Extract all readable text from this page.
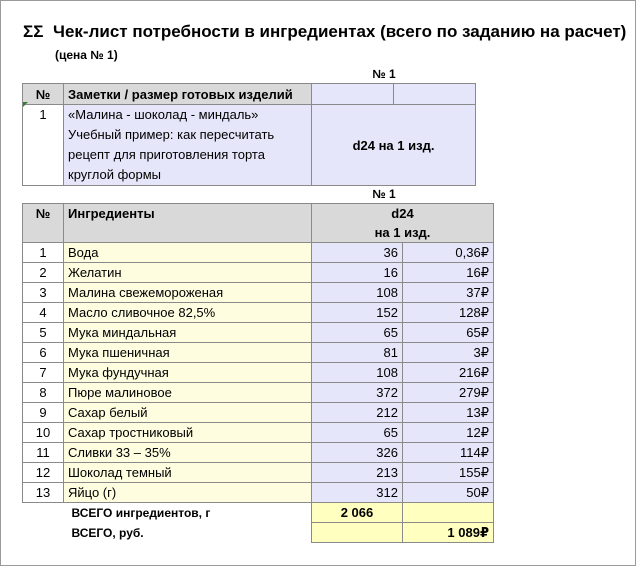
ΣΣ Чек-лист потребности в ингредиентах (всего по заданию на расчет)
(цена № 1)
№ 1
№	Заметки / размер готовых изделий		
1	«Малина - шоколад - миндаль» Учебный пример: как пересчитать рецепт для приготовления торта круглой формы	d24 на 1 изд.	
№ 1
№	Ингредиенты	d24	
		на 1 изд.	
1	Вода	36	0,36₽
2	Желатин	16	16₽
3	Малина свежемороженая	108	37₽
4	Масло сливочное 82,5%	152	128₽
5	Мука миндальная	65	65₽
6	Мука пшеничная	81	3₽
7	Мука фундучная	108	216₽
8	Пюре малиновое	372	279₽
9	Сахар белый	212	13₽
10	Сахар тростниковый	65	12₽
11	Сливки 33 – 35%	326	114₽
12	Шоколад темный	213	155₽
13	Яйцо (г)	312	50₽
	ВСЕГО ингредиентов, г	2 066	
	ВСЕГО, руб.		1 089₽
